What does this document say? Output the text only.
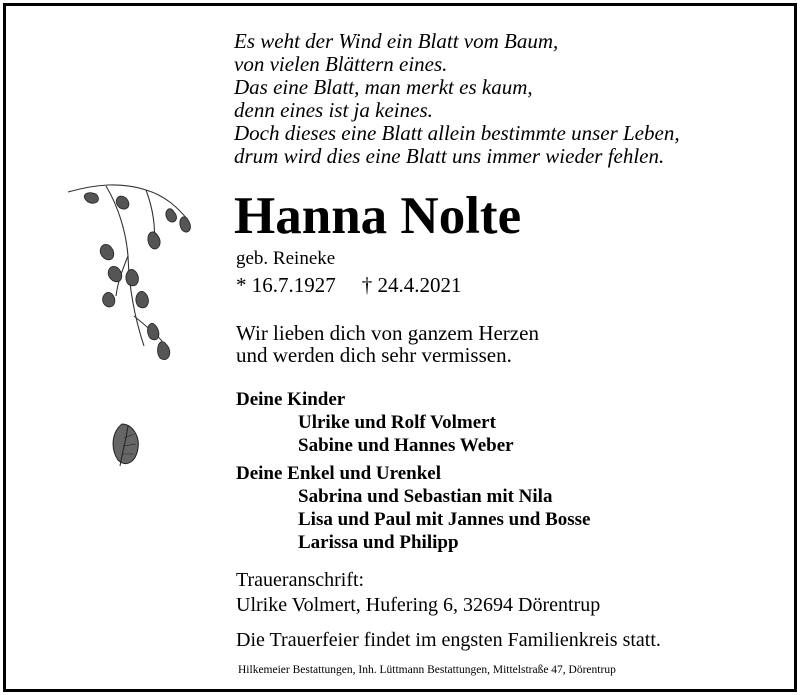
Es weht der Wind ein Blatt vom Baum,
von vielen Blättern eines.
Das eine Blatt, man merkt es kaum,
denn eines ist ja keines.
Doch dieses eine Blatt allein bestimmte unser Leben,
drum wird dies eine Blatt uns immer wieder fehlen.
Hanna Nolte
geb. Reineke
* 16.7.1927 † 24.4.2021
Wir lieben dich von ganzem Herzen
und werden dich sehr vermissen.
Deine Kinder
Ulrike und Rolf Volmert
Sabine und Hannes Weber
Deine Enkel und Urenkel
Sabrina und Sebastian mit Nila
Lisa und Paul mit Jannes und Bosse
Larissa und Philipp
Traueranschrift:
Ulrike Volmert, Hufering 6, 32694 Dörentrup
Die Trauerfeier findet im engsten Familienkreis statt.
Hilkemeier Bestattungen, Inh. Lüttmann Bestattungen, Mittelstraße 47, Dörentrup
